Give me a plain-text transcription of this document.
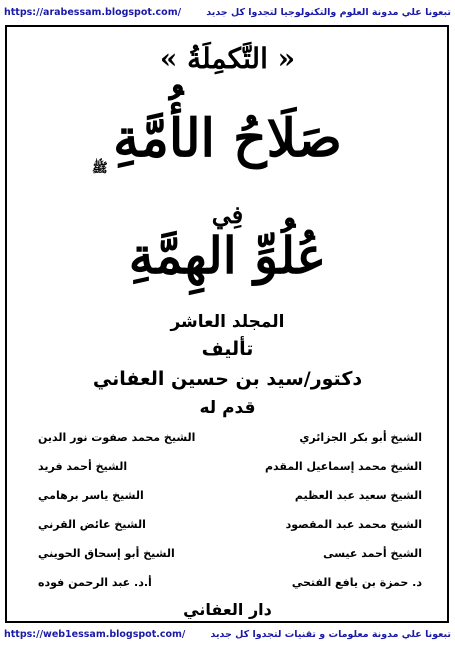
https://arabessam.blogspot.com/	تبعونا علي مدونة العلوم والتكنولوجيا لتجدوا كل جديد
« التَّكمِلَةُ »
صَلَاحُ الأُمَّةِ
ﷺ
فِي
عُلُوِّ الهِمَّةِ
المجلد العاشر
تأليف
دكتور/سيد بن حسين العفاني
قدم له
الشيخ أبو بكر الجزائري
الشيخ محمد صفوت نور الدين
الشيخ محمد إسماعيل المقدم
الشيخ أحمد فريد
الشيخ سعيد عبد العظيم
الشيخ ياسر برهامي
الشيخ محمد عبد المقصود
الشيخ عائض القرني
الشيخ أحمد عيسى
الشيخ أبو إسحاق الحويني
د. حمزة بن يافع الفتحي
أ.د. عبد الرحمن فوده
دار العفاني
https://web1essam.blogspot.com/	تبعونا علي مدونة معلومات و تقنيات لتجدوا كل جديد
